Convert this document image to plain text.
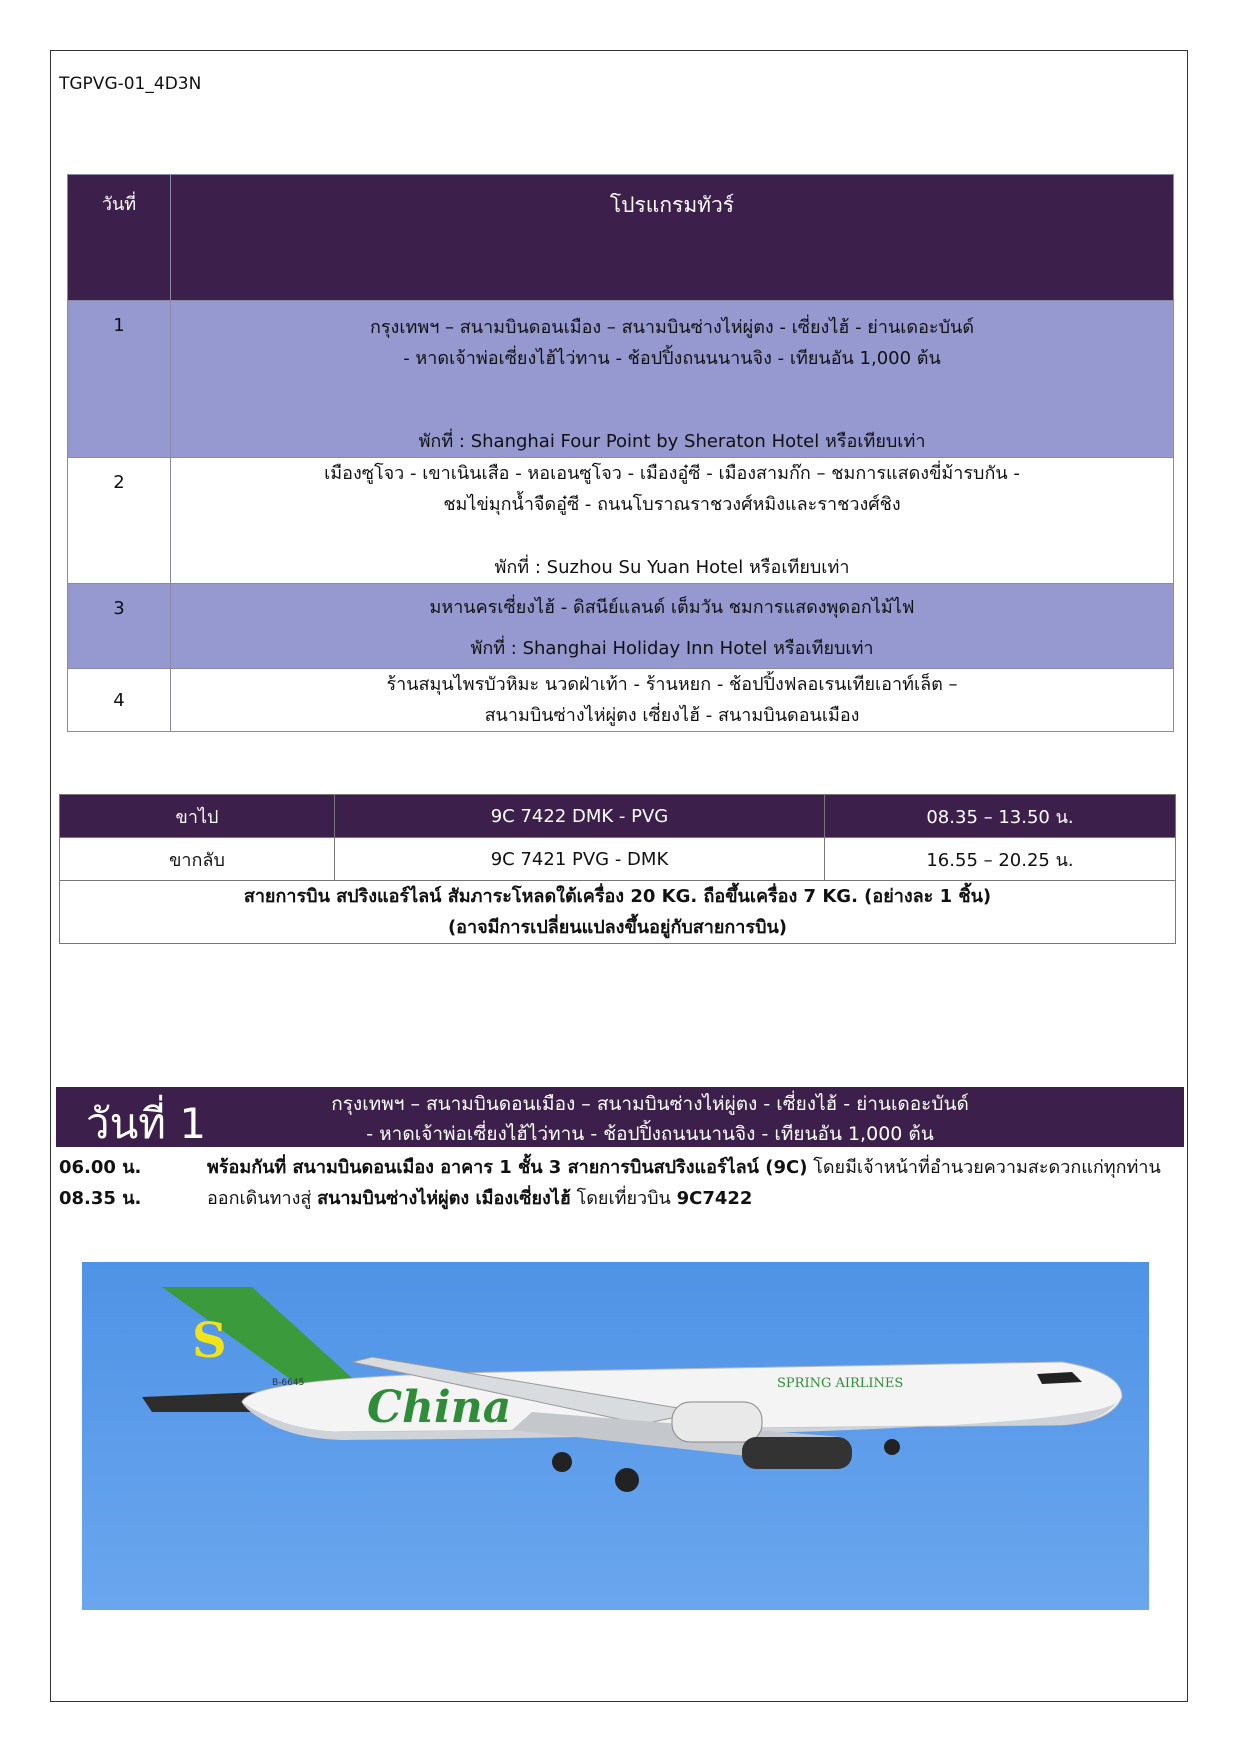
TGPVG-01_4D3N
วันที่	โปรแกรมทัวร์
1	กรุงเทพฯ – สนามบินดอนเมือง – สนามบินซ่างไห่ผู่ตง - เซี่ยงไฮ้ - ย่านเดอะบันด์
- หาดเจ้าพ่อเซี่ยงไฮ้ไว่ทาน - ช้อปปิ้งถนนนานจิง - เทียนอัน 1,000 ต้น
พักที่ : Shanghai Four Point by Sheraton Hotel หรือเทียบเท่า

2	เมืองซูโจว - เขาเนินเสือ - หอเอนซูโจว - เมืองอู๋ซี - เมืองสามก๊ก – ชมการแสดงขี่ม้ารบกัน -
ชมไข่มุกน้ำจืดอู๋ซี - ถนนโบราณราชวงศ์หมิงและราชวงศ์ชิง
พักที่ : Suzhou Su Yuan Hotel หรือเทียบเท่า

3	มหานครเซี่ยงไฮ้ - ดิสนีย์แลนด์ เต็มวัน ชมการแสดงพุดอกไม้ไฟ
พักที่ : Shanghai Holiday Inn Hotel หรือเทียบเท่า

4	ร้านสมุนไพรบัวหิมะ นวดฝ่าเท้า - ร้านหยก - ช้อปปิ้งฟลอเรนเทียเอาท์เล็ต –
สนามบินซ่างไห่ผู่ตง เซี่ยงไฮ้ - สนามบินดอนเมือง
ขาไป	9C 7422 DMK - PVG	08.35 – 13.50 น.
ขากลับ	9C 7421 PVG - DMK	16.55 – 20.25 น.

สายการบิน สปริงแอร์ไลน์ สัมภาระโหลดใต้เครื่อง 20 KG. ถือขึ้นเครื่อง 7 KG. (อย่างละ 1 ชิ้น)
(อาจมีการเปลี่ยนแปลงขึ้นอยู่กับสายการบิน)		
วันที่ 1	กรุงเทพฯ – สนามบินดอนเมือง – สนามบินซ่างไห่ผู่ตง - เซี่ยงไฮ้ - ย่านเดอะบันด์
- หาดเจ้าพ่อเซี่ยงไฮ้ไว่ทาน - ช้อปปิ้งถนนนานจิง - เทียนอัน 1,000 ต้น
06.00 น.	พร้อมกันที่ สนามบินดอนเมือง อาคาร 1 ชั้น 3 สายการบินสปริงแอร์ไลน์ (9C) โดยมีเจ้าหน้าที่อำนวยความสะดวกแก่ทุกท่าน
08.35 น.	ออกเดินทางสู่ สนามบินซ่างไห่ผู่ตง เมืองเซี่ยงไฮ้ โดยเที่ยวบิน 9C7422
S
China	SPRING AIRLINES
B-6645
